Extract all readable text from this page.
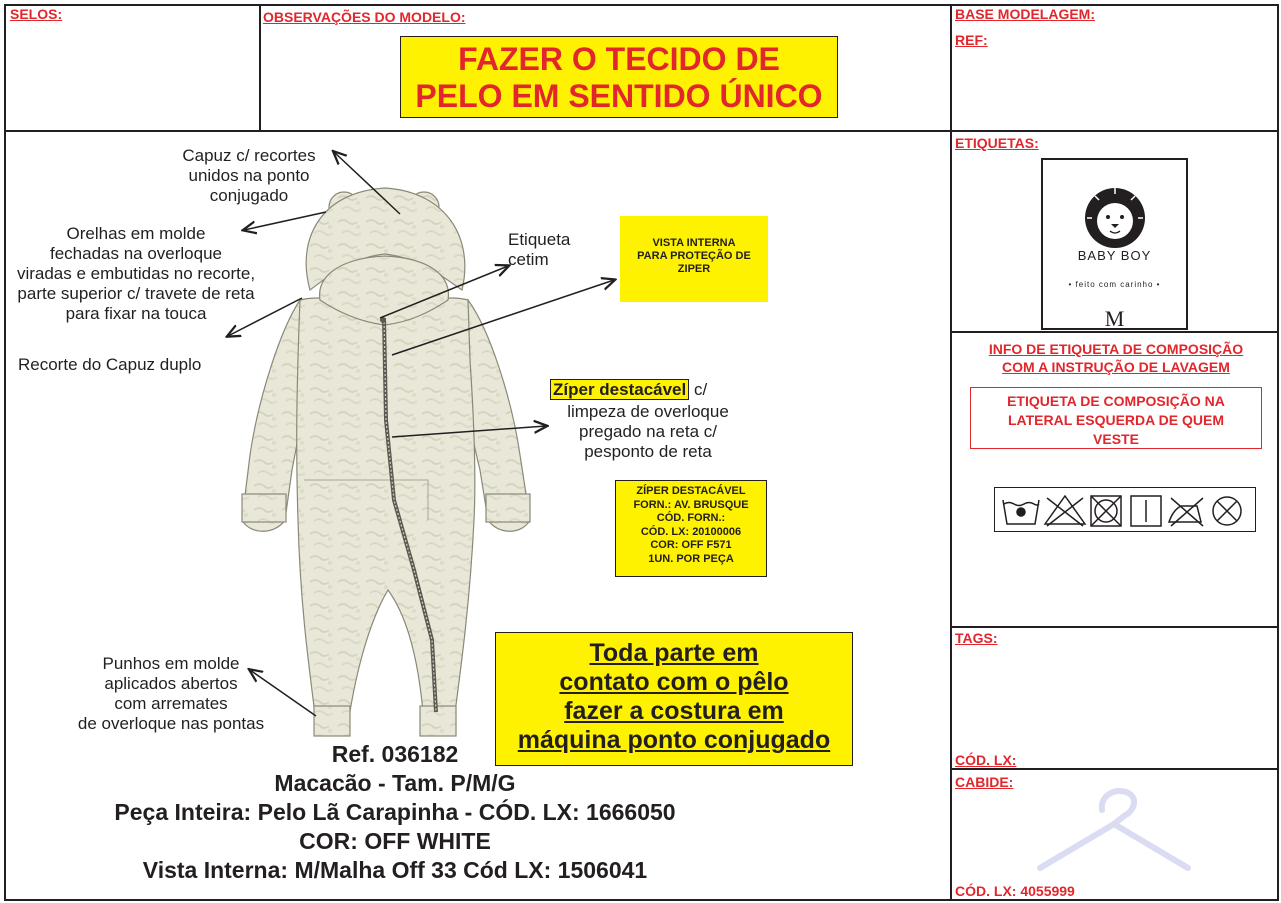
SELOS:	OBSERVAÇÕES DO MODELO:	BASE MODELAGEM:
REF:
FAZER O TECIDO DE
PELO EM SENTIDO ÚNICO
Capuz c/ recortes
unidos na ponto
conjugado
Orelhas em molde
fechadas na overloque
viradas e embutidas no recorte,
parte superior c/ travete de reta
para fixar na touca
Recorte do Capuz duplo
Etiqueta
cetim
VISTA INTERNA
PARA PROTEÇÃO DE
ZIPER
Zíper destacável c/
limpeza de overloque
pregado na reta c/
pesponto de reta
ZÍPER DESTACÁVEL
FORN.: AV. BRUSQUE
CÓD. FORN.:
CÓD. LX: 20100006
COR: OFF F571
1UN. POR PEÇA
Punhos em molde
aplicados abertos
com arremates
de overloque nas pontas
Toda parte em
contato com o pêlo
fazer a costura em
máquina ponto conjugado
Ref. 036182
Macacão - Tam. P/M/G
Peça Inteira: Pelo Lã Carapinha - CÓD. LX: 1666050
COR: OFF WHITE
Vista Interna: M/Malha Off 33 Cód LX: 1506041
ETIQUETAS:
BABY BOY
• feito com carinho •
M
INFO DE ETIQUETA DE COMPOSIÇÃO
COM A INSTRUÇÃO DE LAVAGEM
ETIQUETA DE COMPOSIÇÃO NA
LATERAL ESQUERDA DE QUEM
VESTE
TAGS:
CÓD. LX:
CABIDE:
CÓD. LX: 4055999
